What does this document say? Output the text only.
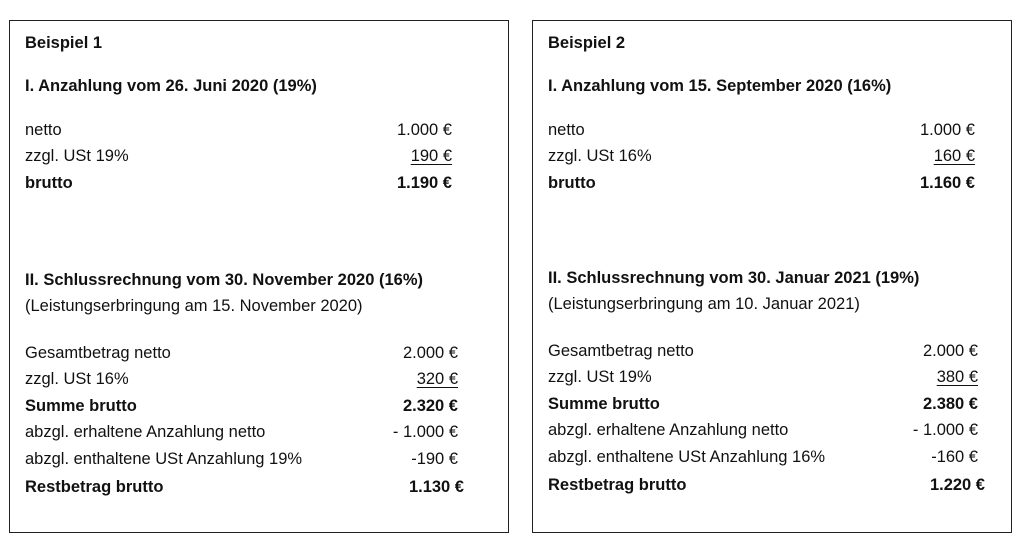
Beispiel 1
I. Anzahlung vom 26. Juni 2020 (19%)
netto	1.000 €
zzgl. USt 19%	190 €
brutto	1.190 €
II. Schlussrechnung vom 30. November 2020 (16%)
(Leistungserbringung am 15. November 2020)
Gesamtbetrag netto	2.000 €
zzgl. USt 16%	320 €
Summe brutto	2.320 €
abzgl. erhaltene Anzahlung netto	- 1.000 €
abzgl. enthaltene USt Anzahlung 19%	-190 €
Restbetrag brutto	1.130 €
Beispiel 2
I. Anzahlung vom 15. September 2020 (16%)
netto	1.000 €
zzgl. USt 16%	160 €
brutto	1.160 €
II. Schlussrechnung vom 30. Januar 2021 (19%)
(Leistungserbringung am 10. Januar 2021)
Gesamtbetrag netto	2.000 €
zzgl. USt 19%	380 €
Summe brutto	2.380 €
abzgl. erhaltene Anzahlung netto	- 1.000 €
abzgl. enthaltene USt Anzahlung 16%	-160 €
Restbetrag brutto	1.220 €
